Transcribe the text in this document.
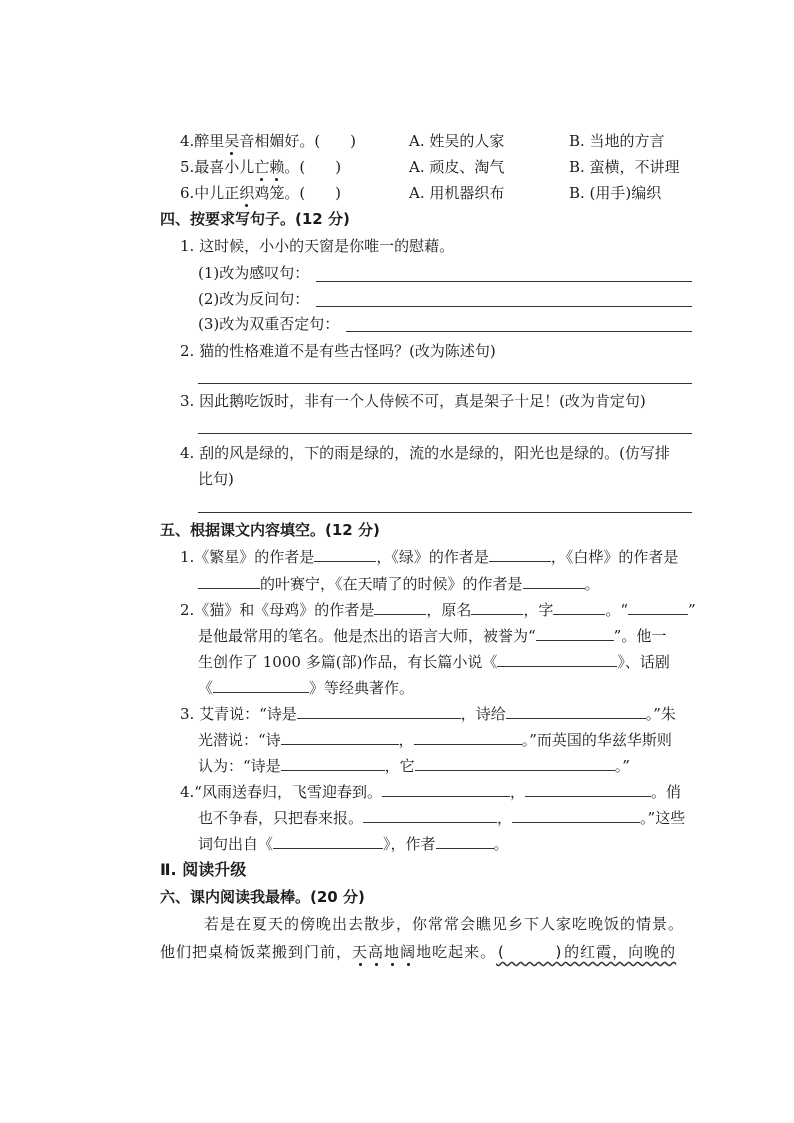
4.醉里吴音相媚好。(　　)	A. 姓吴的人家	B. 当地的方言
5.最喜小儿亡赖。(　　)	A. 顽皮、淘气	B. 蛮横，不讲理
6.中儿正织鸡笼。(　　)	A. 用机器织布	B. (用手)编织
四、按要求写句子。(12 分)
1. 这时候，小小的天窗是你唯一的慰藉。
(1)改为感叹句：
(2)改为反问句：
(3)改为双重否定句：
2. 猫的性格难道不是有些古怪吗？(改为陈述句)
3. 因此鹅吃饭时，非有一个人侍候不可，真是架子十足！(改为肯定句)
4. 刮的风是绿的，下的雨是绿的，流的水是绿的，阳光也是绿的。(仿写排
比句)
五、根据课文内容填空。(12 分)
1.《繁星》的作者是	，《绿》的作者是	，《白桦》的作者是
的叶赛宁，《在天晴了的时候》的作者是	。
2.《猫》和《母鸡》的作者是	，原名	，字	。“	”
是他最常用的笔名。他是杰出的语言大师，被誉为“	”。他一
生创作了 1000 多篇(部)作品，有长篇小说《	》、话剧
《	》等经典著作。
3. 艾青说：“诗是	，诗给	。”朱
光潜说：“诗	，	。”而英国的华兹华斯则
认为：“诗是	，它	。”
4.“风雨送春归，飞雪迎春到。	，	。俏
也不争春，只把春来报。	，	。”这些
词句出自《	》，作者	。
Ⅱ. 阅读升级
六、课内阅读我最棒。(20 分)
若是在夏天的傍晚出去散步，你常常会瞧见乡下人家吃晚饭的情景。
他们把桌椅饭菜搬到门前，天高地阔地吃起来。(　　　)的红霞，向晚的
